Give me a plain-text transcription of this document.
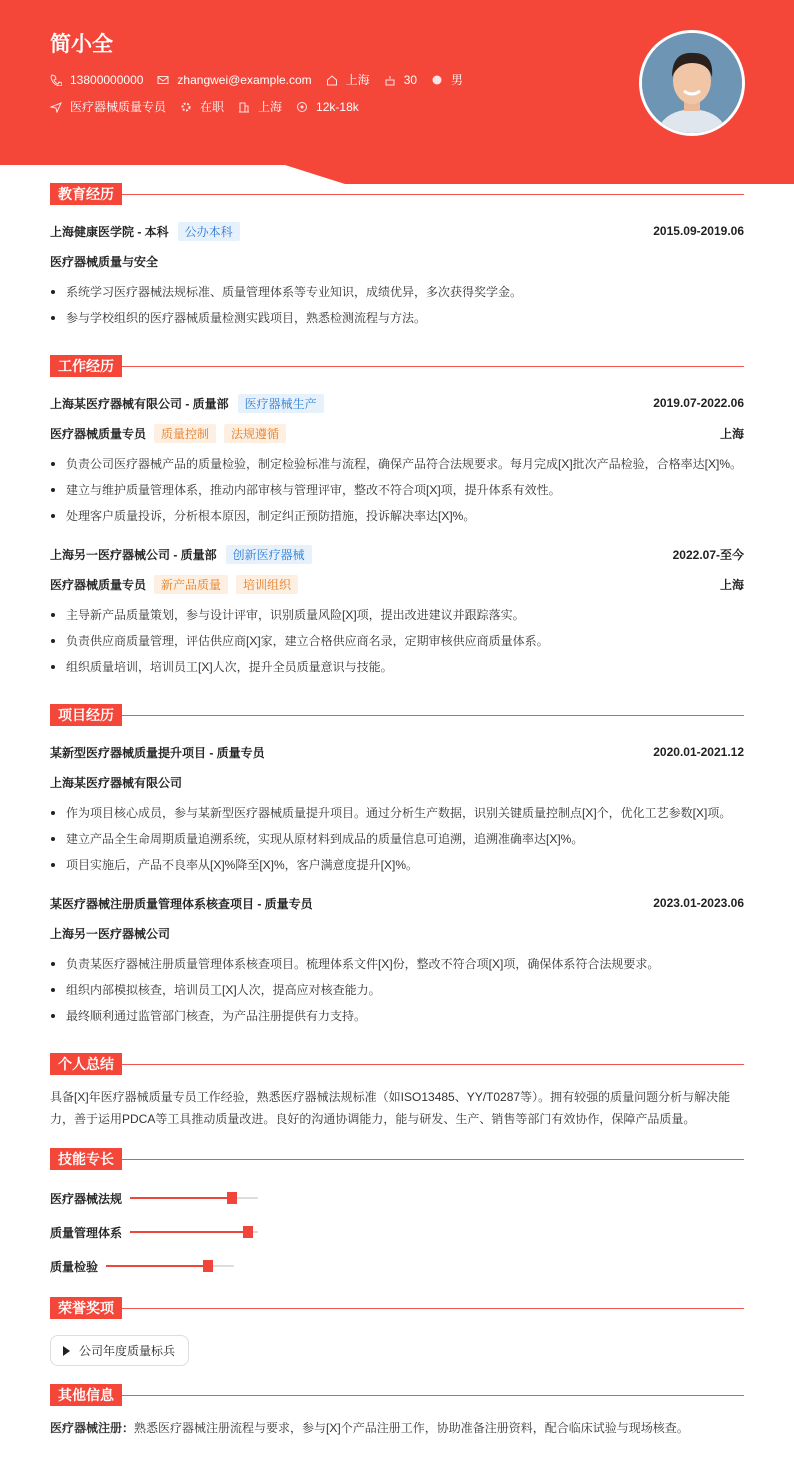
简小全
13800000000	zhangwei@example.com	上海	30	男
医疗器械质量专员	在职	上海	12k-18k
教育经历
上海健康医学院 - 本科	公办本科	2015.09-2019.06
医疗器械质量与安全
系统学习医疗器械法规标准、质量管理体系等专业知识，成绩优异，多次获得奖学金。
参与学校组织的医疗器械质量检测实践项目，熟悉检测流程与方法。
工作经历
上海某医疗器械有限公司 - 质量部	医疗器械生产	2019.07-2022.06
医疗器械质量专员	质量控制	法规遵循	上海
负责公司医疗器械产品的质量检验，制定检验标准与流程，确保产品符合法规要求。每月完成[X]批次产品检验，合格率达[X]%。
建立与维护质量管理体系，推动内部审核与管理评审，整改不符合项[X]项，提升体系有效性。
处理客户质量投诉，分析根本原因，制定纠正预防措施，投诉解决率达[X]%。
上海另一医疗器械公司 - 质量部	创新医疗器械	2022.07-至今
医疗器械质量专员	新产品质量	培训组织	上海
主导新产品质量策划，参与设计评审，识别质量风险[X]项，提出改进建议并跟踪落实。
负责供应商质量管理，评估供应商[X]家，建立合格供应商名录，定期审核供应商质量体系。
组织质量培训，培训员工[X]人次，提升全员质量意识与技能。
项目经历
某新型医疗器械质量提升项目 - 质量专员	2020.01-2021.12
上海某医疗器械有限公司
作为项目核心成员，参与某新型医疗器械质量提升项目。通过分析生产数据，识别关键质量控制点[X]个，优化工艺参数[X]项。
建立产品全生命周期质量追溯系统，实现从原材料到成品的质量信息可追溯，追溯准确率达[X]%。
项目实施后，产品不良率从[X]%降至[X]%，客户满意度提升[X]%。
某医疗器械注册质量管理体系核查项目 - 质量专员	2023.01-2023.06
上海另一医疗器械公司
负责某医疗器械注册质量管理体系核查项目。梳理体系文件[X]份，整改不符合项[X]项，确保体系符合法规要求。
组织内部模拟核查，培训员工[X]人次，提高应对核查能力。
最终顺利通过监管部门核查，为产品注册提供有力支持。
个人总结
具备[X]年医疗器械质量专员工作经验，熟悉医疗器械法规标准（如ISO13485、YY/T0287等）。拥有较强的质量问题分析与解决能力，善于运用PDCA等工具推动质量改进。良好的沟通协调能力，能与研发、生产、销售等部门有效协作，保障产品质量。
技能专长
医疗器械法规
质量管理体系
质量检验
荣誉奖项
公司年度质量标兵
其他信息
医疗器械注册：熟悉医疗器械注册流程与要求，参与[X]个产品注册工作，协助准备注册资料，配合临床试验与现场核查。
